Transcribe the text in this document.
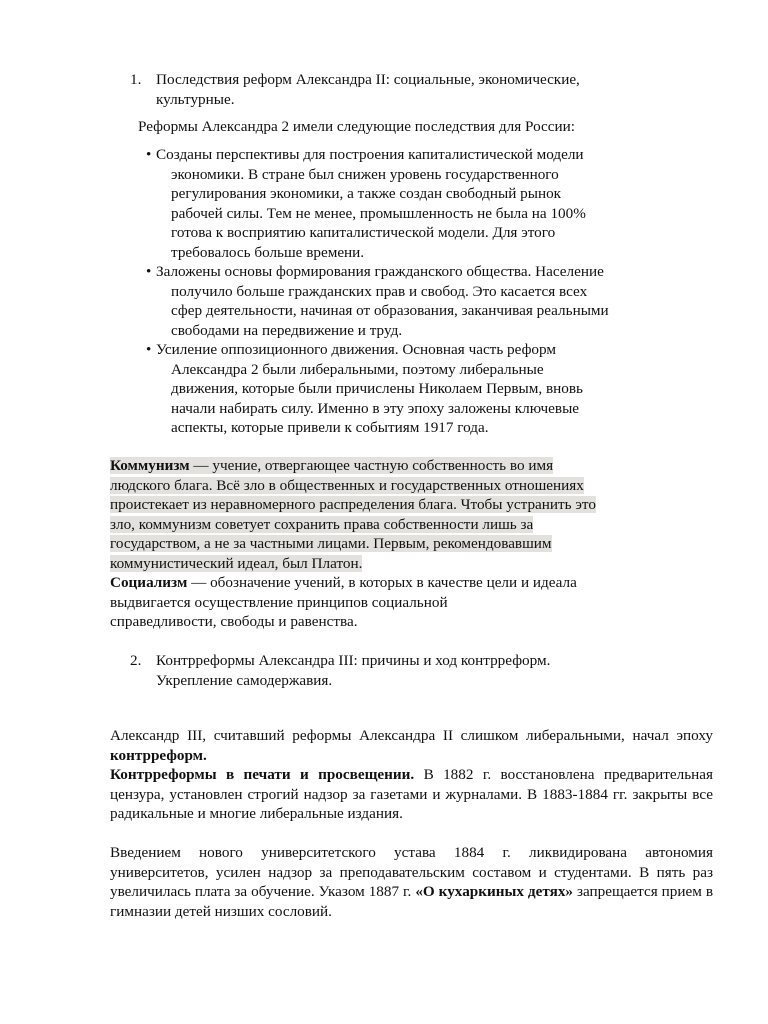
1. Последствия реформ Александра II: социальные, экономические,
культурные.
Реформы Александра 2 имели следующие последствия для России:
• Созданы перспективы для построения капиталистической модели
экономики. В стране был снижен уровень государственного
регулирования экономики, а также создан свободный рынок
рабочей силы. Тем не менее, промышленность не была на 100%
готова к восприятию капиталистической модели. Для этого
требовалось больше времени.
• Заложены основы формирования гражданского общества. Население
получило больше гражданских прав и свобод. Это касается всех
сфер деятельности, начиная от образования, заканчивая реальными
свободами на передвижение и труд.
• Усиление оппозиционного движения. Основная часть реформ
Александра 2 были либеральными, поэтому либеральные
движения, которые были причислены Николаем Первым, вновь
начали набирать силу. Именно в эту эпоху заложены ключевые
аспекты, которые привели к событиям 1917 года.
Коммунизм — учение, отвергающее частную собственность во имя
людского блага. Всё зло в общественных и государственных отношениях
проистекает из неравномерного распределения блага. Чтобы устранить это
зло, коммунизм советует сохранить права собственности лишь за
государством, а не за частными лицами. Первым, рекомендовавшим
коммунистический идеал, был Платон.
Социализм — обозначение учений, в которых в качестве цели и идеала
выдвигается осуществление принципов социальной
справедливости, свободы и равенства.
2. Контрреформы Александра III: причины и ход контрреформ.
Укрепление самодержавия.
Александр III, считавший реформы Александра II слишком либеральными, начал эпоху контрреформ.
Контрреформы в печати и просвещении. В 1882 г. восстановлена предварительная цензура, установлен строгий надзор за газетами и журналами. В 1883-1884 гг. закрыты все радикальные и многие либеральные издания.
Введением нового университетского устава 1884 г. ликвидирована автономия университетов, усилен надзор за преподавательским составом и студентами. В пять раз увеличилась плата за обучение. Указом 1887 г. «О кухаркиных детях» запрещается прием в гимназии детей низших сословий.
